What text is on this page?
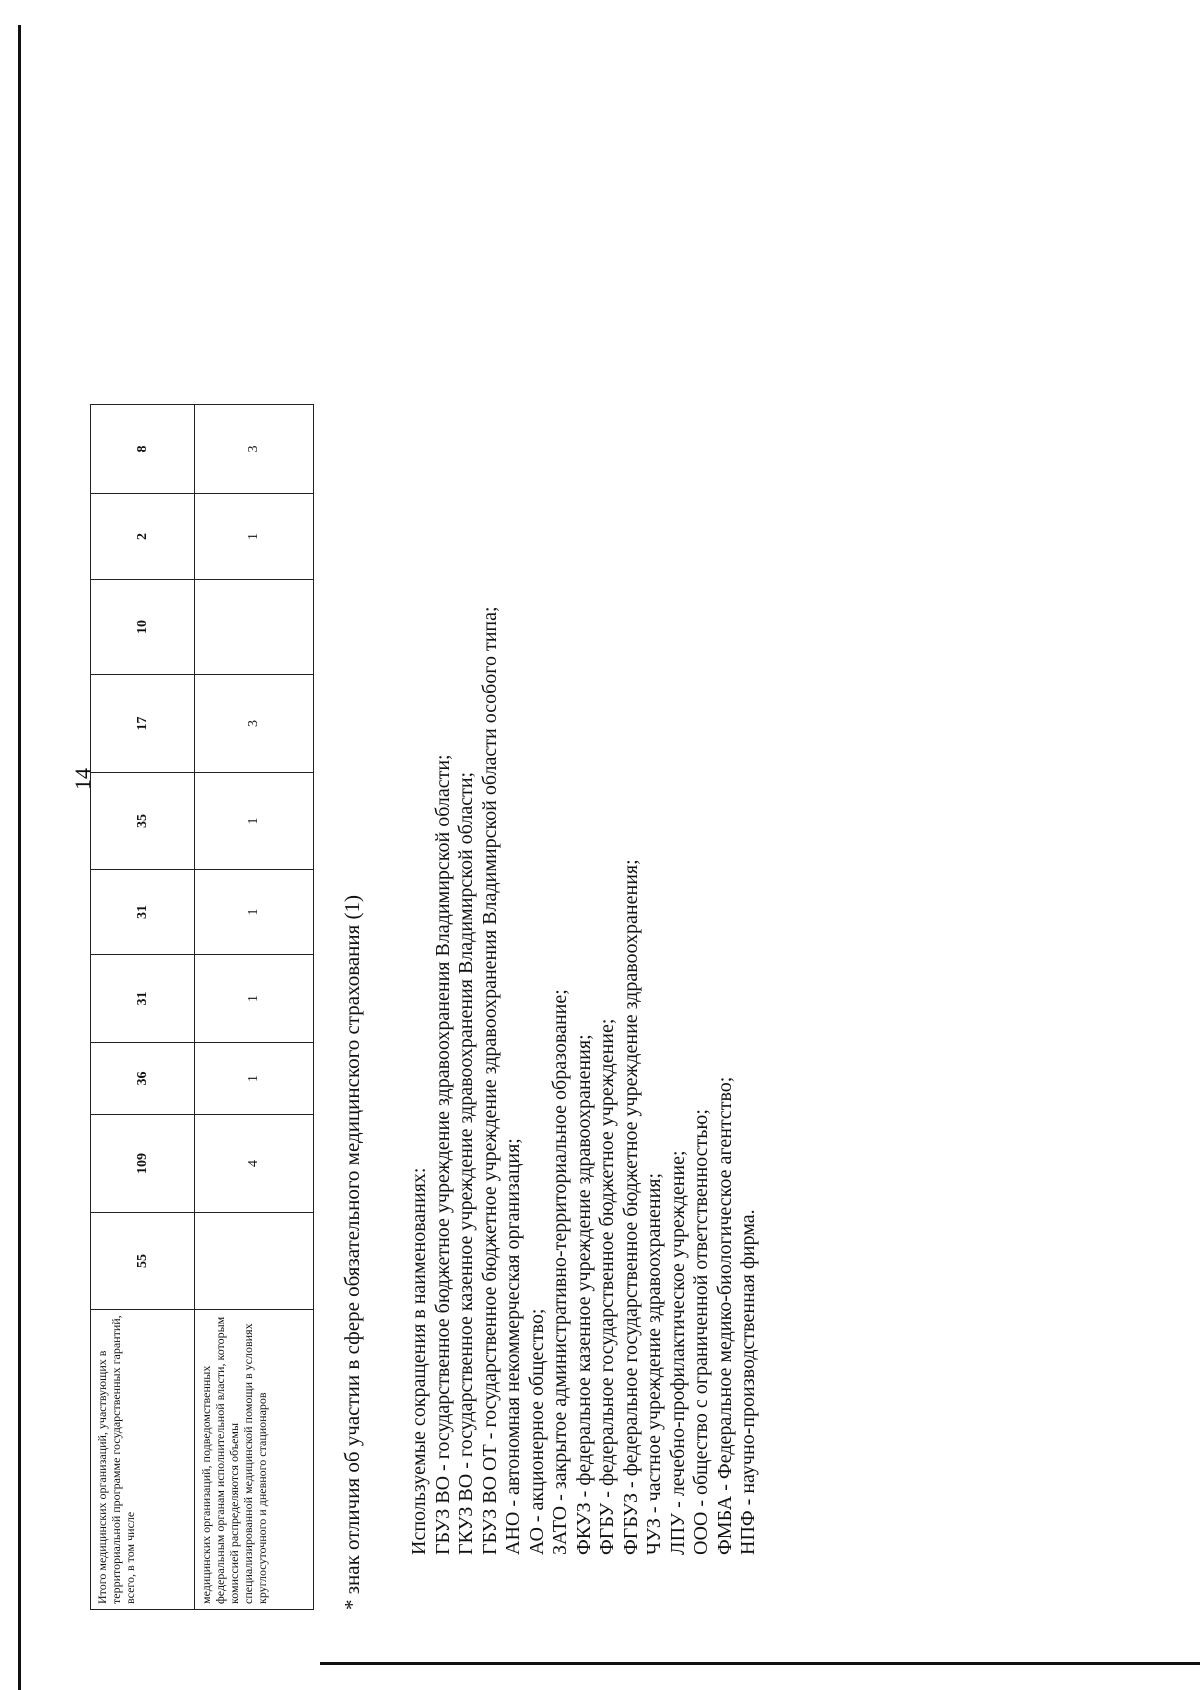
14
Итого медицинских организаций, участвующих в территориальной программе государственных гарантий, всего, в том числе	55	109	36	31	31	35	17	10	2	8
медицинских организаций, подведомственных федеральным органам исполнительной власти, которым комиссией распределяются объемы специализированной медицинской помощи в условиях круглосуточного и дневного стационаров		4	1	1	1	1	3		1	3
* знак отличия об участии в сфере обязательного медицинского страхования (1) Используемые сокращения в наименованиях: ГБУЗ ВО - государственное бюджетное учреждение здравоохранения Владимирской области; ГКУЗ ВО - государственное казенное учреждение здравоохранения Владимирской области; ГБУЗ ВО ОТ - государственное бюджетное учреждение здравоохранения Владимирской области особого типа; АНО - автономная некоммерческая организация; АО - акционерное общество; ЗАТО - закрытое административно-территориальное образование; ФКУЗ - федеральное казенное учреждение здравоохранения; ФГБУ - федеральное государственное бюджетное учреждение; ФГБУЗ - федеральное государственное бюджетное учреждение здравоохранения; ЧУЗ - частное учреждение здравоохранения; ЛПУ - лечебно-профилактическое учреждение; ООО - общество с ограниченной ответственностью; ФМБА - Федеральное медико-биологическое агентство; НПФ - научно-производственная фирма.
